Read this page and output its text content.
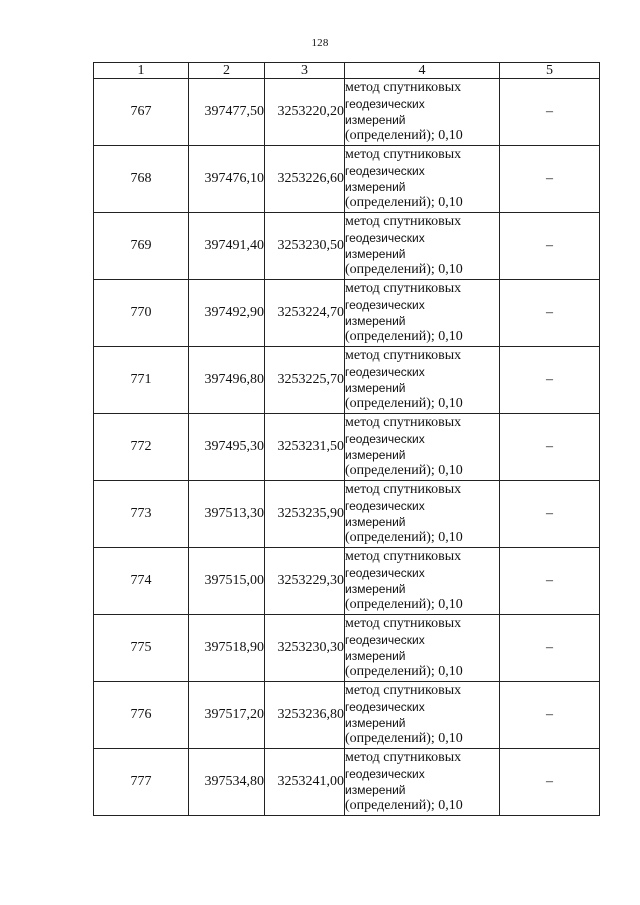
128
1	2	3	4	5
767	397477,50	3253220,20	метод спутниковых
геодезических
измерений
(определений); 0,10	–
768	397476,10	3253226,60	метод спутниковых
геодезических
измерений
(определений); 0,10	–
769	397491,40	3253230,50	метод спутниковых
геодезических
измерений
(определений); 0,10	–
770	397492,90	3253224,70	метод спутниковых
геодезических
измерений
(определений); 0,10	–
771	397496,80	3253225,70	метод спутниковых
геодезических
измерений
(определений); 0,10	–
772	397495,30	3253231,50	метод спутниковых
геодезических
измерений
(определений); 0,10	–
773	397513,30	3253235,90	метод спутниковых
геодезических
измерений
(определений); 0,10	–
774	397515,00	3253229,30	метод спутниковых
геодезических
измерений
(определений); 0,10	–
775	397518,90	3253230,30	метод спутниковых
геодезических
измерений
(определений); 0,10	–
776	397517,20	3253236,80	метод спутниковых
геодезических
измерений
(определений); 0,10	–
777	397534,80	3253241,00	метод спутниковых
геодезических
измерений
(определений); 0,10	–
